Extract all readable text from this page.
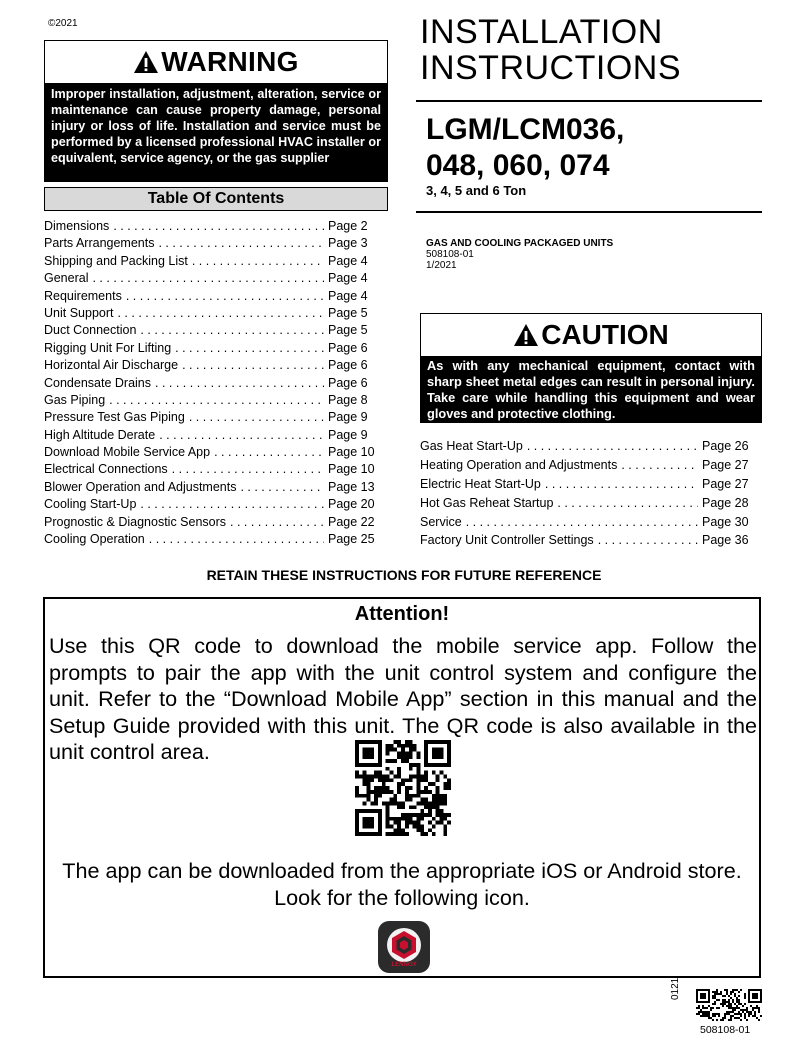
©2021
WARNING
Improper installation, adjustment, alteration, service or maintenance can cause property damage, personal injury or loss of life. Installation and service must be performed by a licensed professional HVAC installer or equivalent, service agency, or the gas supplier
Table Of Contents
Dimensions . . .	Page 2
Parts Arrangements . . .	Page 3
Shipping and Packing List . . .	Page 4
General . . .	Page 4
Requirements . . .	Page 4
Unit Support . . .	Page 5
Duct Connection . . .	Page 5
Rigging Unit For Lifting . . .	Page 6
Horizontal Air Discharge . . .	Page 6
Condensate Drains . . .	Page 6
Gas Piping . . .	Page 8
Pressure Test Gas Piping . . .	Page 9
High Altitude Derate . . .	Page 9
Download Mobile Service App . . .	Page 10
Electrical Connections . . .	Page 10
Blower Operation and Adjustments . . .	Page 13
Cooling Start-Up . . .	Page 20
Prognostic & Diagnostic Sensors . . .	Page 22
Cooling Operation . . .	Page 25
Gas Heat Start-Up . . .	Page 26
Heating Operation and Adjustments . . .	Page 27
Electric Heat Start-Up . . .	Page 27
Hot Gas Reheat Startup . . .	Page 28
Service . . .	Page 30
Factory Unit Controller Settings . . .	Page 36
INSTALLATION
INSTRUCTIONS
LGM/LCM036,
048, 060, 074
3, 4, 5 and 6 Ton
GAS AND COOLING PACKAGED UNITS
508108-01
1/2021
CAUTION
As with any mechanical equipment, contact with sharp sheet metal edges can result in personal injury. Take care while handling this equipment and wear gloves and protective clothing.
RETAIN THESE INSTRUCTIONS FOR FUTURE REFERENCE
Attention!
Use this QR code to download the mobile service app. Follow the prompts to pair the app with the unit control system and configure the unit. Refer to the “Download Mobile App” section in this manual and the Setup Guide provided with this unit. The QR code is also available in the unit control area.
The app can be downloaded from the appropriate iOS or Android store.
Look for the following icon.
LENNOX
0121
508108-01
